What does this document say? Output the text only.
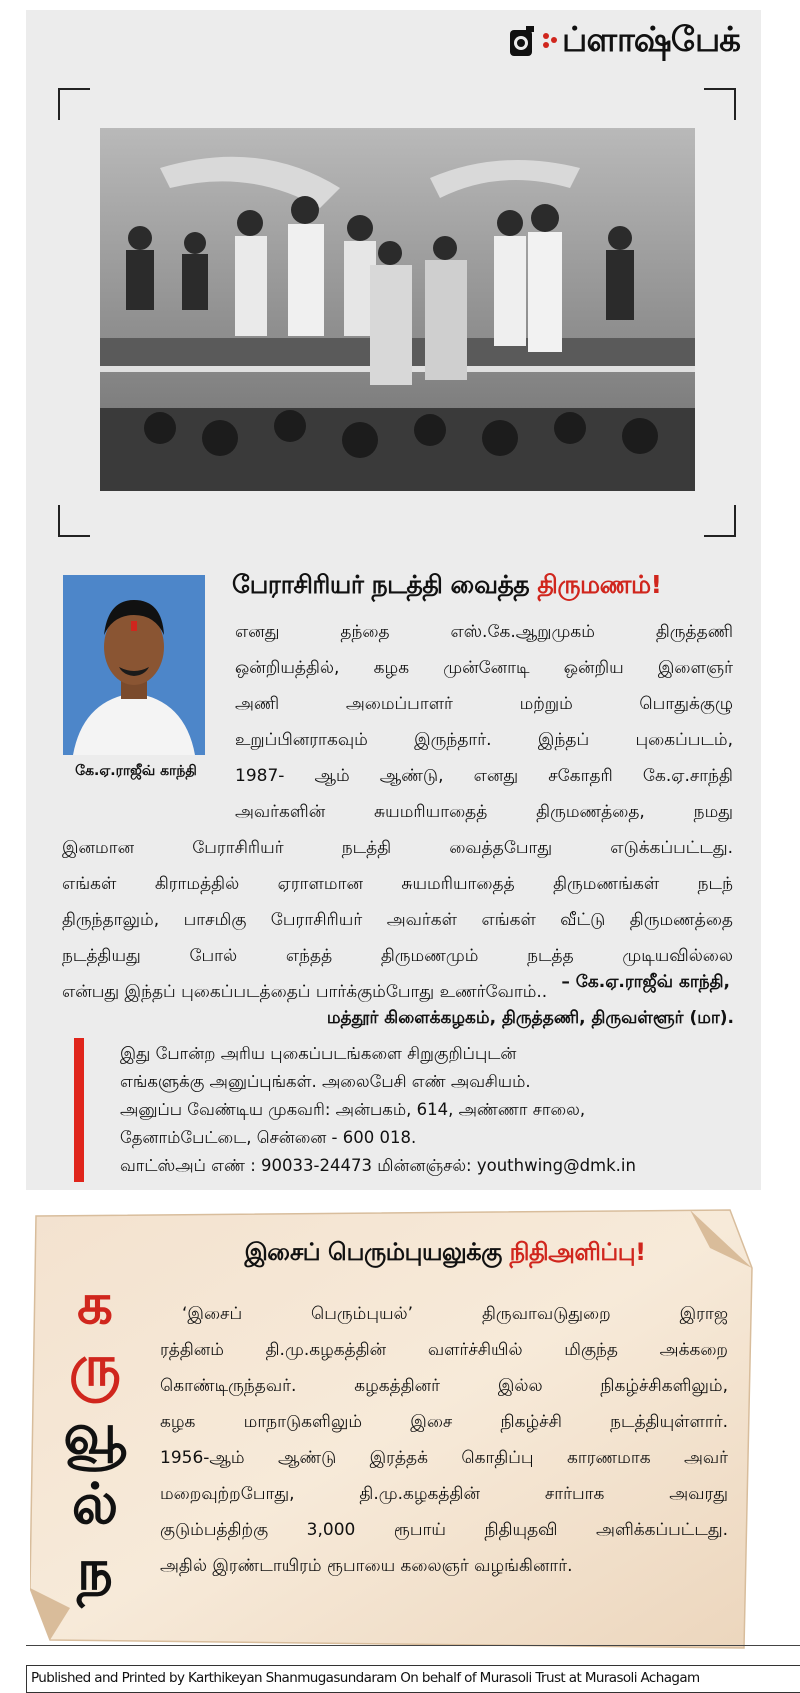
ப்ளாஷ்பேக்
கே.ஏ.ராஜீவ் காந்தி
பேராசிரியர் நடத்தி வைத்த திருமணம்!
எனது தந்தை எஸ்.கே.ஆறுமுகம் திருத்தணி
ஒன்றியத்தில், கழக முன்னோடி ஒன்றிய இளைஞர்
அணி அமைப்பாளர் மற்றும் பொதுக்குழு
உறுப்பினராகவும் இருந்தார். இந்தப் புகைப்படம்,
1987- ஆம் ஆண்டு, எனது சகோதரி கே.ஏ.சாந்தி
அவர்களின் சுயமரியாதைத் திருமணத்தை, நமது
இனமான பேராசிரியர் நடத்தி வைத்தபோது எடுக்கப்பட்டது.
எங்கள் கிராமத்தில் ஏராளமான சுயமரியாதைத் திருமணங்கள் நடந்
திருந்தாலும், பாசமிகு பேராசிரியர் அவர்கள் எங்கள் வீட்டு திருமணத்தை
நடத்தியது போல் எந்தத் திருமணமும் நடத்த முடியவில்லை
என்பது இந்தப் புகைப்படத்தைப் பார்க்கும்போது உணர்வோம்.. – கே.ஏ.ராஜீவ் காந்தி,
மத்தூர் கிளைக்கழகம், திருத்தணி, திருவள்ளூர் (மா).
இது போன்ற அரிய புகைப்படங்களை சிறுகுறிப்புடன்
எங்களுக்கு அனுப்புங்கள். அலைபேசி எண் அவசியம்.
அனுப்ப வேண்டிய முகவரி: அன்பகம், 614, அண்ணா சாலை,
தேனாம்பேட்டை, சென்னை - 600 018.
வாட்ஸ்அப் எண் : 90033-24473 மின்னஞ்சல்: youthwing@dmk.in
க
ரு
வூ
ல்
ந
இசைப் பெரும்புயலுக்கு நிதிஅளிப்பு!
‘இசைப் பெரும்புயல்’ திருவாவடுதுறை இராஜ
ரத்தினம் தி.மு.கழகத்தின் வளர்ச்சியில் மிகுந்த அக்கறை
கொண்டிருந்தவர். கழகத்தினர் இல்ல நிகழ்ச்சிகளிலும்,
கழக மாநாடுகளிலும் இசை நிகழ்ச்சி நடத்தியுள்ளார்.
1956-ஆம் ஆண்டு இரத்தக் கொதிப்பு காரணமாக அவர்
மறைவுற்றபோது, தி.மு.கழகத்தின் சார்பாக அவரது
குடும்பத்திற்கு 3,000 ரூபாய் நிதியுதவி அளிக்கப்பட்டது.
அதில் இரண்டாயிரம் ரூபாயை கலைஞர் வழங்கினார்.
Published and Printed by Karthikeyan Shanmugasundaram On behalf of Murasoli Trust at Murasoli Achagam
